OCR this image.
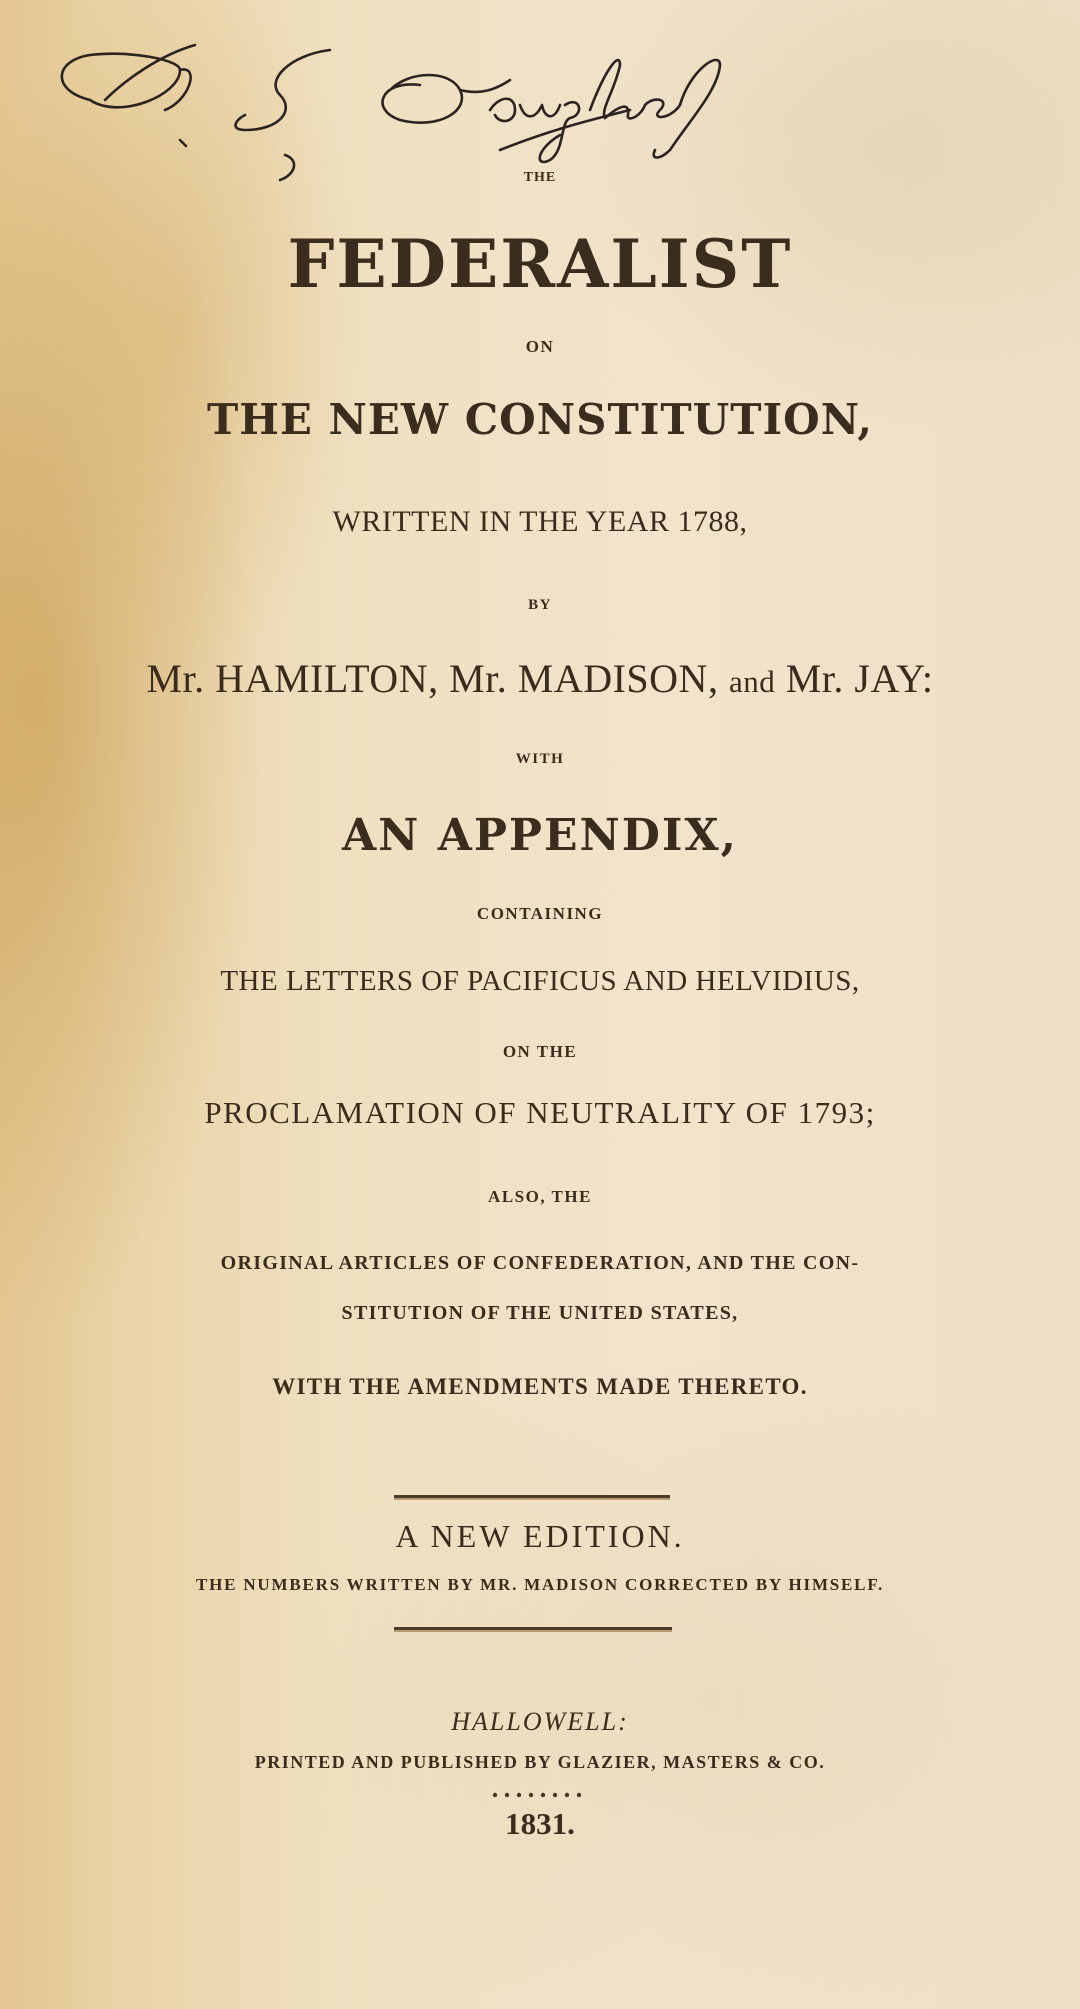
THE
FEDERALIST
ON
THE NEW CONSTITUTION,
WRITTEN IN THE YEAR 1788,
BY
Mr. HAMILTON, Mr. MADISON, and Mr. JAY:
WITH
AN APPENDIX,
CONTAINING
THE LETTERS OF PACIFICUS AND HELVIDIUS,
ON THE
PROCLAMATION OF NEUTRALITY OF 1793;
ALSO, THE
ORIGINAL ARTICLES OF CONFEDERATION, AND THE CON-
STITUTION OF THE UNITED STATES,
WITH THE AMENDMENTS MADE THERETO.
A NEW EDITION.
THE NUMBERS WRITTEN BY MR. MADISON CORRECTED BY HIMSELF.
HALLOWELL:
PRINTED AND PUBLISHED BY GLAZIER, MASTERS & CO.
1831.
